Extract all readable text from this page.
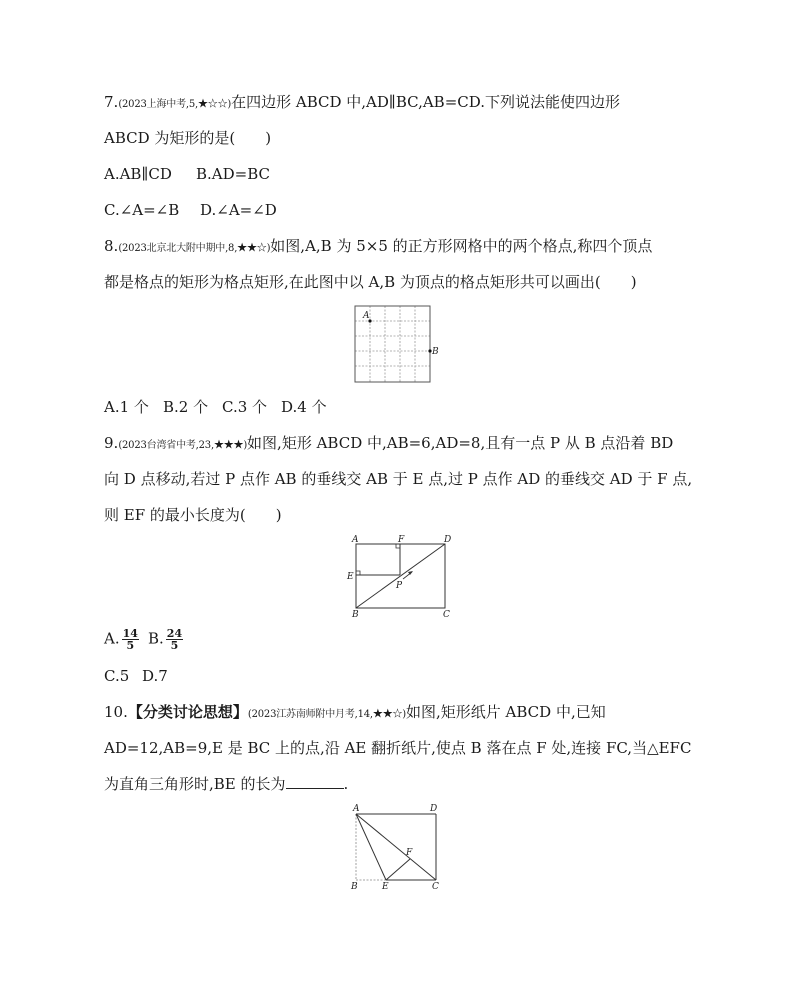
7.(2023上海中考,5,★☆☆)在四边形 ABCD 中,AD∥BC,AB=CD.下列说法能使四边形
ABCD 为矩形的是(　　)
A.AB∥CD B.AD=BC
C.∠A=∠B D.∠A=∠D
8.(2023北京北大附中期中,8,★★☆)如图,A,B 为 5×5 的正方形网格中的两个格点,称四个顶点
都是格点的矩形为格点矩形,在此图中以 A,B 为顶点的格点矩形共可以画出(　　)
A
B
A.1 个 B.2 个 C.3 个 D.4 个
9.(2023台湾省中考,23,★★★)如图,矩形 ABCD 中,AB=6,AD=8,且有一点 P 从 B 点沿着 BD
向 D 点移动,若过 P 点作 AB 的垂线交 AB 于 E 点,过 P 点作 AD 的垂线交 AD 于 F 点,
则 EF 的最小长度为(　　)
A
B	C
D
E
F
P
A. $\frac{14}{5} B$. $\frac{24}{5}$
C.5 D.7
10.【分类讨论思想】(2023江苏南师附中月考,14,★★☆)如图,矩形纸片 ABCD 中,已知
AD=12,AB=9,E 是 BC 上的点,沿 AE 翻折纸片,使点 B 落在点 F 处,连接 FC,当△EFC
为直角三角形时,BE 的长为	.
A
B	C
D
E
F
